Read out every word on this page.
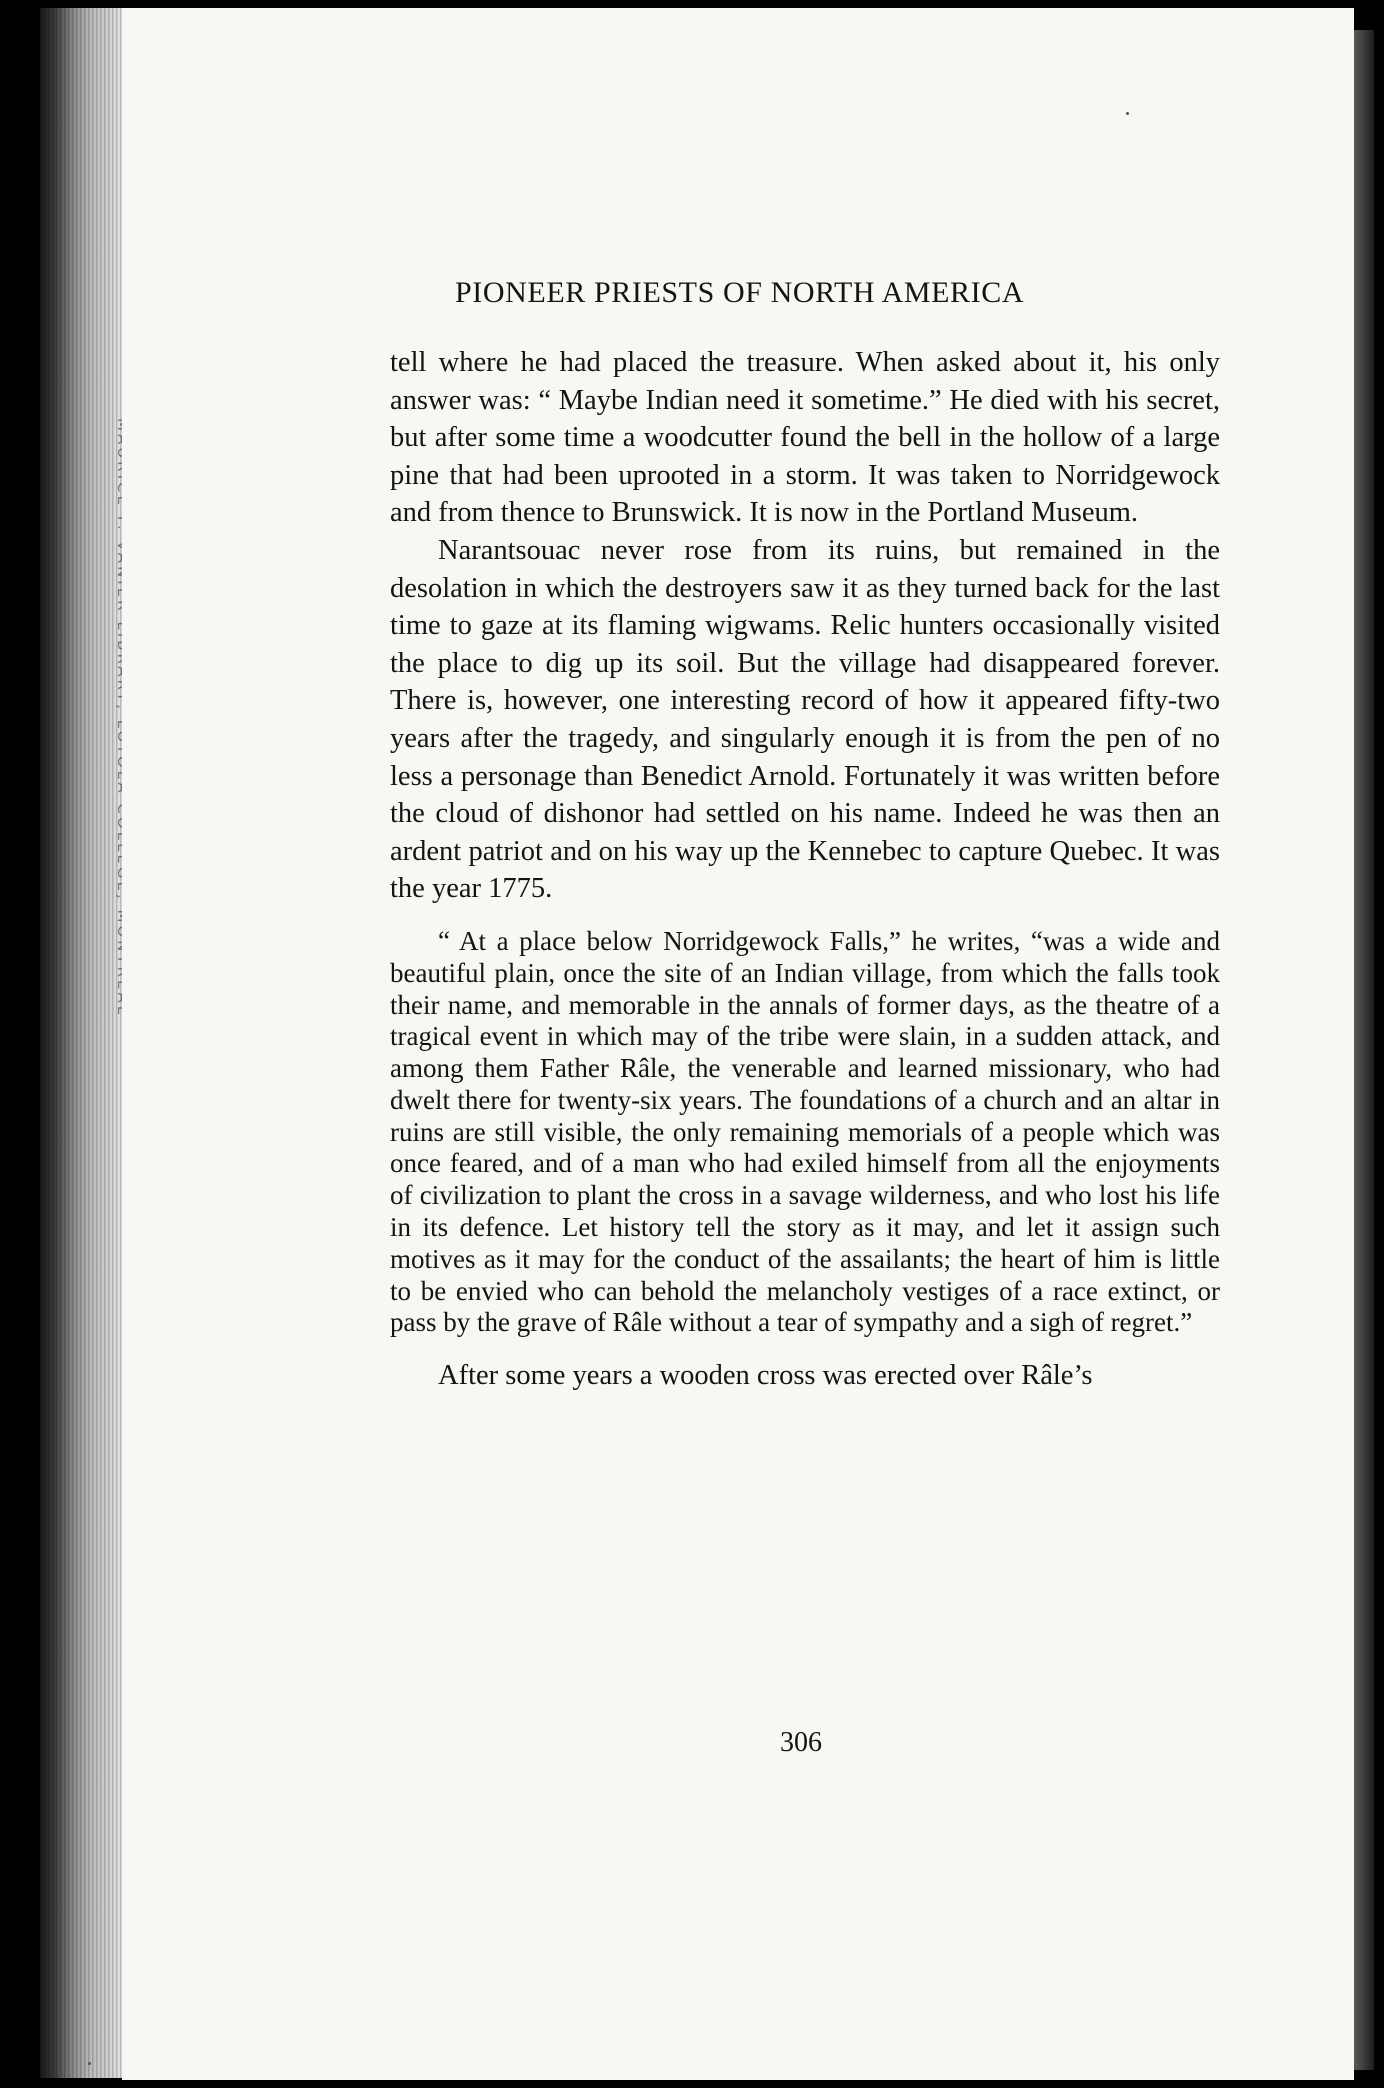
PIONEER PRIESTS OF NORTH AMERICA

tell where he had placed the treasure. When asked about it, his only answer was: “ Maybe Indian need it sometime.” He died with his secret, but after some time a woodcutter found the bell in the hollow of a large pine that had been uprooted in a storm. It was taken to Norridgewock and from thence to Brunswick. It is now in the Portland Museum.

Narantsouac never rose from its ruins, but remained in the desolation in which the destroyers saw it as they turned back for the last time to gaze at its flaming wigwams. Relic hunters occasionally visited the place to dig up its soil. But the village had disappeared forever. There is, however, one interesting record of how it appeared fifty-two years after the tragedy, and singularly enough it is from the pen of no less a personage than Benedict Arnold. Fortunately it was written before the cloud of dishonor had settled on his name. Indeed he was then an ardent patriot and on his way up the Kennebec to capture Quebec. It was the year 1775.

“ At a place below Norridgewock Falls,” he writes, “was a wide and beautiful plain, once the site of an Indian village, from which the falls took their name, and memorable in the annals of former days, as the theatre of a tragical event in which may of the tribe were slain, in a sudden attack, and among them Father Râle, the venerable and learned missionary, who had dwelt there for twenty-six years. The foundations of a church and an altar in ruins are still visible, the only remaining memorials of a people which was once feared, and of a man who had exiled himself from all the enjoyments of civilization to plant the cross in a savage wilderness, and who lost his life in its defence. Let history tell the story as it may, and let it assign such motives as it may for the conduct of the assailants; the heart of him is little to be envied who can behold the melancholy vestiges of a race extinct, or pass by the grave of Râle without a tear of sympathy and a sigh of regret.”

After some years a wooden cross was erected over Râle’s

306
